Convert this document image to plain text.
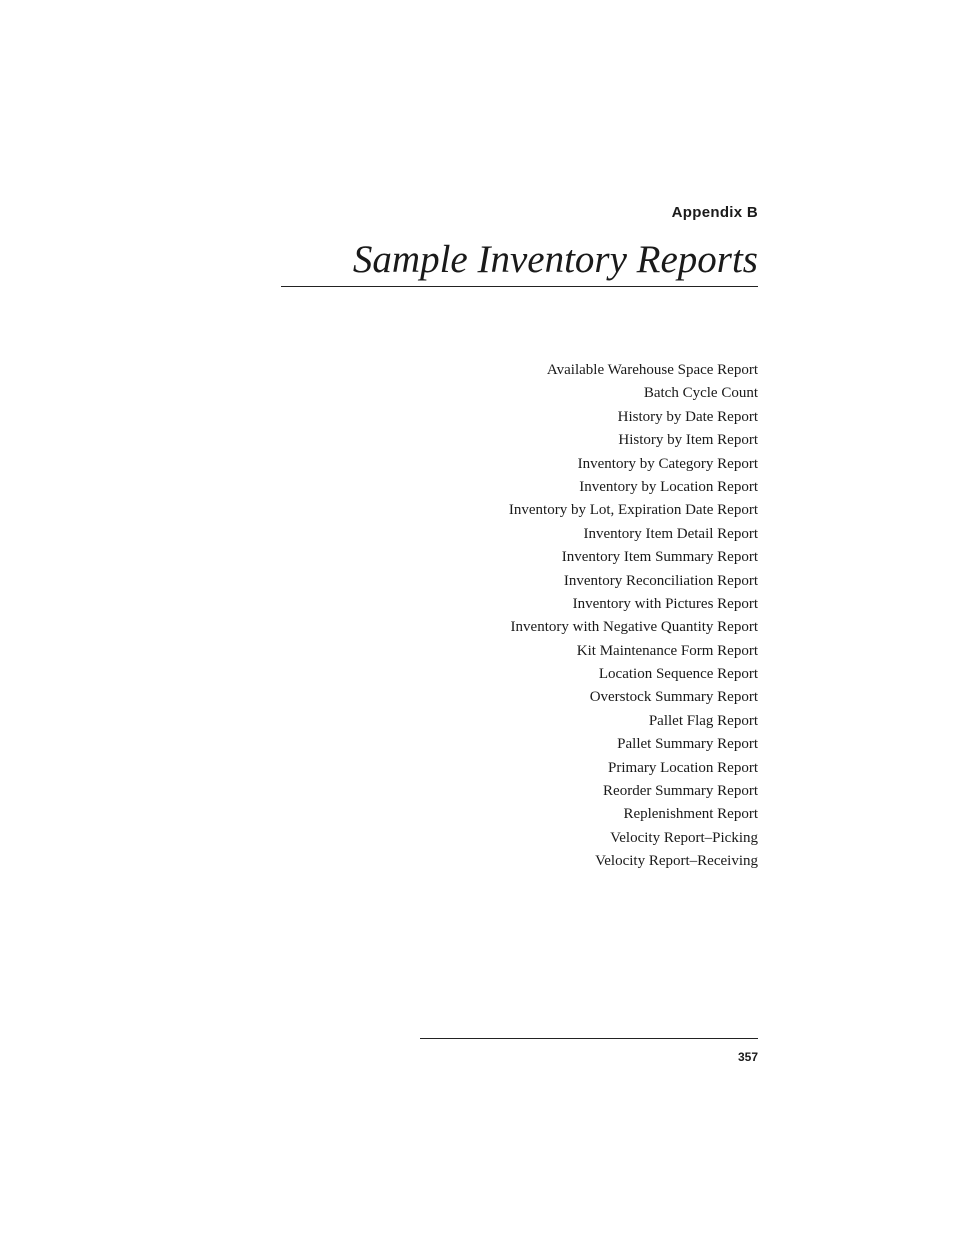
Appendix B
Sample Inventory Reports
Available Warehouse Space Report
Batch Cycle Count
History by Date Report
History by Item Report
Inventory by Category Report
Inventory by Location Report
Inventory by Lot, Expiration Date Report
Inventory Item Detail Report
Inventory Item Summary Report
Inventory Reconciliation Report
Inventory with Pictures Report
Inventory with Negative Quantity Report
Kit Maintenance Form Report
Location Sequence Report
Overstock Summary Report
Pallet Flag Report
Pallet Summary Report
Primary Location Report
Reorder Summary Report
Replenishment Report
Velocity Report–Picking
Velocity Report–Receiving
357
